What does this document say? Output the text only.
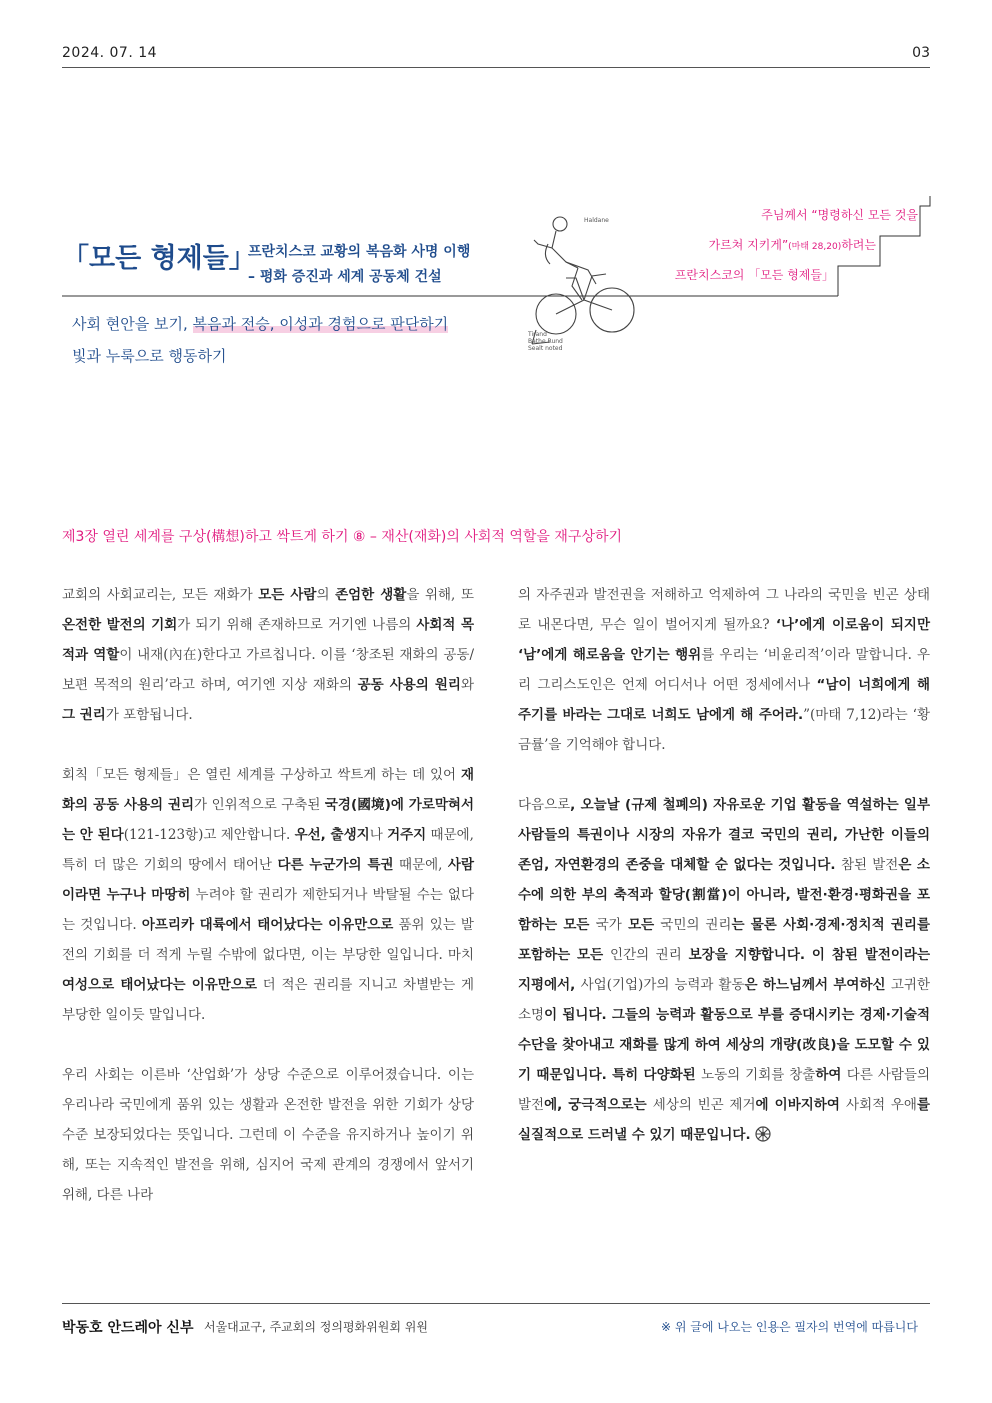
2024. 07. 14	03
「모든 형제들」
프란치스코 교황의 복음화 사명 이행
– 평화 증진과 세계 공동체 건설
사회 현안을 보기, 복음과 전승, 이성과 경험으로 판단하기
빛과 누룩으로 행동하기
Haldane
Tirand
Bathe Rund
Sealt noted
주님께서 “명령하신 모든 것을
가르쳐 지키게”(마태 28,20)하려는
프란치스코의 「모든 형제들」
제3장 열린 세계를 구상(構想)하고 싹트게 하기 ⑧ – 재산(재화)의 사회적 역할을 재구상하기

교회의 사회교리는, 모든 재화가 모든 사람의 존엄한 생활을 위해, 또 온전한 발전의 기회가 되기 위해 존재하므로 거기엔 나름의 사회적 목적과 역할이 내재(內在)한다고 가르칩니다. 이를 ‘창조된 재화의 공동/보편 목적의 원리’라고 하며, 여기엔 지상 재화의 공동 사용의 원리와 그 권리가 포함됩니다.

회칙「모든 형제들」은 열린 세계를 구상하고 싹트게 하는 데 있어 재화의 공동 사용의 권리가 인위적으로 구축된 국경(國境)에 가로막혀서는 안 된다(121-123항)고 제안합니다. 우선, 출생지나 거주지 때문에, 특히 더 많은 기회의 땅에서 태어난 다른 누군가의 특권 때문에, 사람이라면 누구나 마땅히 누려야 할 권리가 제한되거나 박탈될 수는 없다는 것입니다. 아프리카 대륙에서 태어났다는 이유만으로 품위 있는 발전의 기회를 더 적게 누릴 수밖에 없다면, 이는 부당한 일입니다. 마치 여성으로 태어났다는 이유만으로 더 적은 권리를 지니고 차별받는 게 부당한 일이듯 말입니다.

우리 사회는 이른바 ‘산업화’가 상당 수준으로 이루어졌습니다. 이는 우리나라 국민에게 품위 있는 생활과 온전한 발전을 위한 기회가 상당 수준 보장되었다는 뜻입니다. 그런데 이 수준을 유지하거나 높이기 위해, 또는 지속적인 발전을 위해, 심지어 국제 관계의 경쟁에서 앞서기 위해, 다른 나라

의 자주권과 발전권을 저해하고 억제하여 그 나라의 국민을 빈곤 상태로 내몬다면, 무슨 일이 벌어지게 될까요? ‘나’에게 이로움이 되지만 ‘남’에게 해로움을 안기는 행위를 우리는 ‘비윤리적’이라 말합니다. 우리 그리스도인은 언제 어디서나 어떤 정세에서나 “남이 너희에게 해 주기를 바라는 그대로 너희도 남에게 해 주어라.”(마태 7,12)라는 ‘황금률’을 기억해야 합니다.

다음으로, 오늘날 (규제 철폐의) 자유로운 기업 활동을 역설하는 일부 사람들의 특권이나 시장의 자유가 결코 국민의 권리, 가난한 이들의 존엄, 자연환경의 존중을 대체할 순 없다는 것입니다. 참된 발전은 소수에 의한 부의 축적과 할당(割當)이 아니라, 발전·환경·평화권을 포함하는 모든 국가 모든 국민의 권리는 물론 사회·경제·정치적 권리를 포함하는 모든 인간의 권리 보장을 지향합니다. 이 참된 발전이라는 지평에서, 사업(기업)가의 능력과 활동은 하느님께서 부여하신 고귀한 소명이 됩니다. 그들의 능력과 활동으로 부를 증대시키는 경제·기술적 수단을 찾아내고 재화를 많게 하여 세상의 개량(改良)을 도모할 수 있기 때문입니다. 특히 다양화된 노동의 기회를 창출하여 다른 사람들의 발전에, 궁극적으로는 세상의 빈곤 제거에 이바지하여 사회적 우애를 실질적으로 드러낼 수 있기 때문입니다.

박동호 안드레아 신부 서울대교구, 주교회의 정의평화위원회 위원	※ 위 글에 나오는 인용은 필자의 번역에 따릅니다
